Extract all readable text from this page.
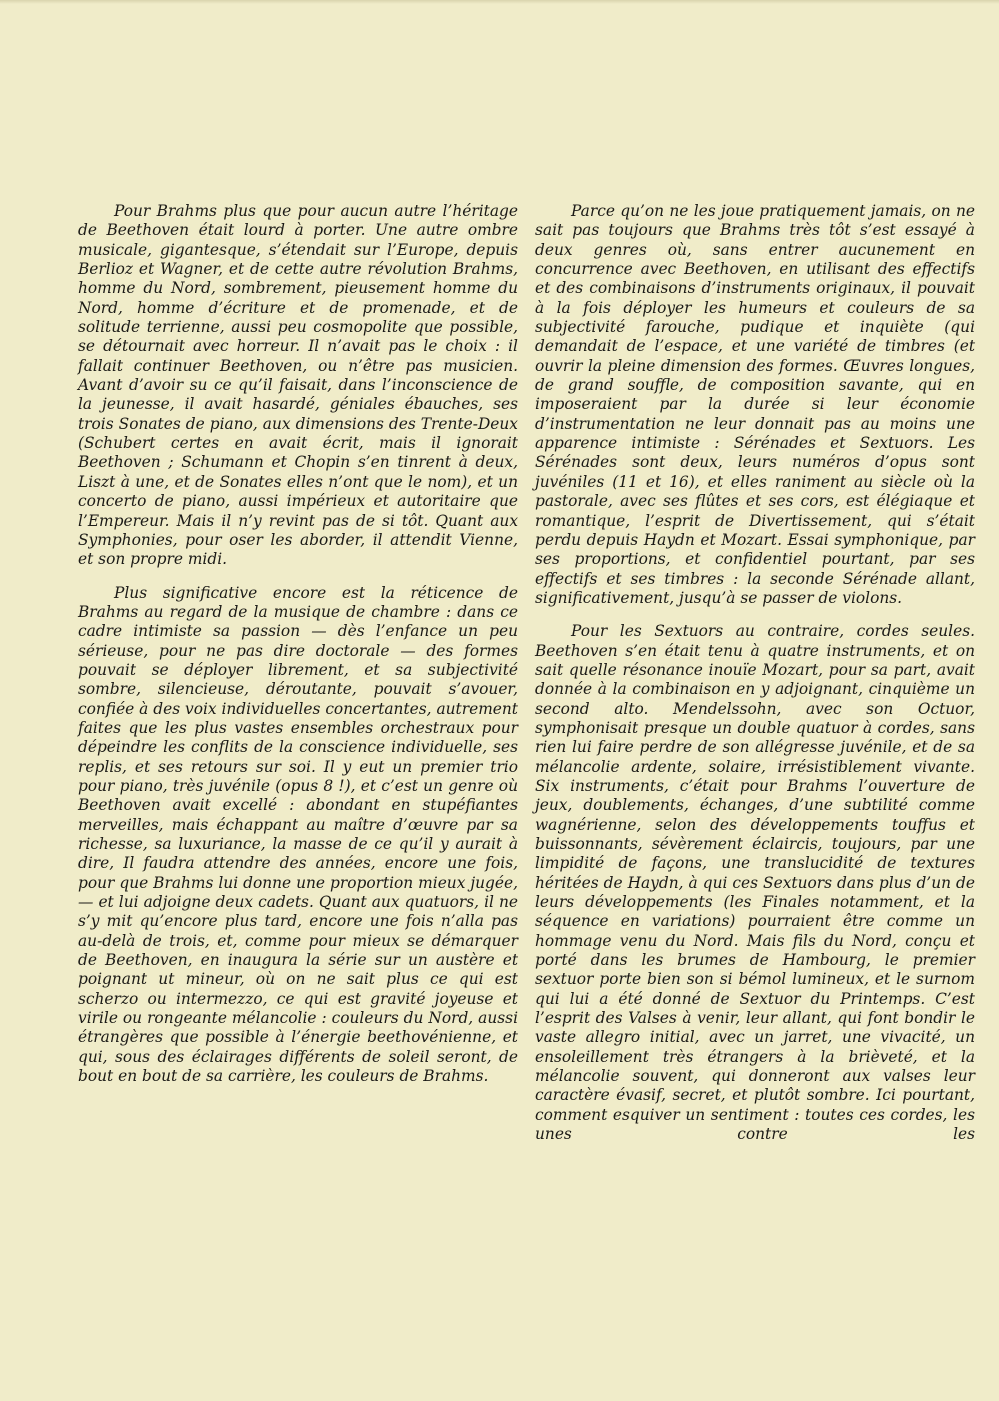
Pour Brahms plus que pour aucun autre l’héritage de Beethoven était lourd à porter. Une autre ombre musicale, gigantesque, s’étendait sur l’Europe, depuis Berlioz et Wagner, et de cette autre révolution Brahms, homme du Nord, sombrement, pieusement homme du Nord, homme d’écriture et de promenade, et de solitude terrienne, aussi peu cosmopolite que possible, se détournait avec horreur. Il n’avait pas le choix : il fallait continuer Beethoven, ou n’être pas musicien. Avant d’avoir su ce qu’il faisait, dans l’inconscience de la jeunesse, il avait hasardé, géniales ébauches, ses trois Sonates de piano, aux dimensions des Trente-Deux (Schubert certes en avait écrit, mais il ignorait Beethoven ; Schumann et Chopin s’en tinrent à deux, Liszt à une, et de Sonates elles n’ont que le nom), et un concerto de piano, aussi impérieux et autoritaire que l’Empereur. Mais il n’y revint pas de si tôt. Quant aux Symphonies, pour oser les aborder, il attendit Vienne, et son propre midi.

Plus significative encore est la réticence de Brahms au regard de la musique de chambre : dans ce cadre intimiste sa passion — dès l’enfance un peu sérieuse, pour ne pas dire doctorale — des formes pouvait se déployer librement, et sa subjectivité sombre, silencieuse, déroutante, pouvait s’avouer, confiée à des voix individuelles concertantes, autrement faites que les plus vastes ensembles orchestraux pour dépeindre les conflits de la conscience individuelle, ses replis, et ses retours sur soi. Il y eut un premier trio pour piano, très juvénile (opus 8 !), et c’est un genre où Beethoven avait excellé : abondant en stupéfiantes merveilles, mais échappant au maître d’œuvre par sa richesse, sa luxuriance, la masse de ce qu’il y aurait à dire, Il faudra attendre des années, encore une fois, pour que Brahms lui donne une proportion mieux jugée, — et lui adjoigne deux cadets. Quant aux quatuors, il ne s’y mit qu’encore plus tard, encore une fois n’alla pas au-delà de trois, et, comme pour mieux se démarquer de Beethoven, en inaugura la série sur un austère et poignant ut mineur, où on ne sait plus ce qui est scherzo ou intermezzo, ce qui est gravité joyeuse et virile ou rongeante mélancolie : couleurs du Nord, aussi étrangères que possible à l’énergie beethovénienne, et qui, sous des éclairages différents de soleil seront, de bout en bout de sa carrière, les couleurs de Brahms.

Parce qu’on ne les joue pratiquement jamais, on ne sait pas toujours que Brahms très tôt s’est essayé à deux genres où, sans entrer aucunement en concurrence avec Beethoven, en utilisant des effectifs et des combinaisons d’instruments originaux, il pouvait à la fois déployer les humeurs et couleurs de sa subjectivité farouche, pudique et inquiète (qui demandait de l’espace, et une variété de timbres (et ouvrir la pleine dimension des formes. Œuvres longues, de grand souffle, de composition savante, qui en imposeraient par la durée si leur économie d’instrumentation ne leur donnait pas au moins une apparence intimiste : Sérénades et Sextuors. Les Sérénades sont deux, leurs numéros d’opus sont juvéniles (11 et 16), et elles raniment au siècle où la pastorale, avec ses flûtes et ses cors, est élégiaque et romantique, l’esprit de Divertissement, qui s’était perdu depuis Haydn et Mozart. Essai symphonique, par ses proportions, et confidentiel pourtant, par ses effectifs et ses timbres : la seconde Sérénade allant, significativement, jusqu’à se passer de violons.

Pour les Sextuors au contraire, cordes seules. Beethoven s’en était tenu à quatre instruments, et on sait quelle résonance inouïe Mozart, pour sa part, avait donnée à la combinaison en y adjoignant, cinquième un second alto. Mendelssohn, avec son Octuor, symphonisait presque un double quatuor à cordes, sans rien lui faire perdre de son allégresse juvénile, et de sa mélancolie ardente, solaire, irrésistiblement vivante. Six instruments, c’était pour Brahms l’ouverture de jeux, doublements, échanges, d’une subtilité comme wagnérienne, selon des développements touffus et buissonnants, sévèrement éclaircis, toujours, par une limpidité de façons, une translucidité de textures héritées de Haydn, à qui ces Sextuors dans plus d’un de leurs développements (les Finales notamment, et la séquence en variations) pourraient être comme un hommage venu du Nord. Mais fils du Nord, conçu et porté dans les brumes de Hambourg, le premier sextuor porte bien son si bémol lumineux, et le surnom qui lui a été donné de Sextuor du Printemps. C’est l’esprit des Valses à venir, leur allant, qui font bondir le vaste allegro initial, avec un jarret, une vivacité, un ensoleillement très étrangers à la brièveté, et la mélancolie souvent, qui donneront aux valses leur caractère évasif, secret, et plutôt sombre. Ici pourtant, comment esquiver un sentiment : toutes ces cordes, les unes contre les
